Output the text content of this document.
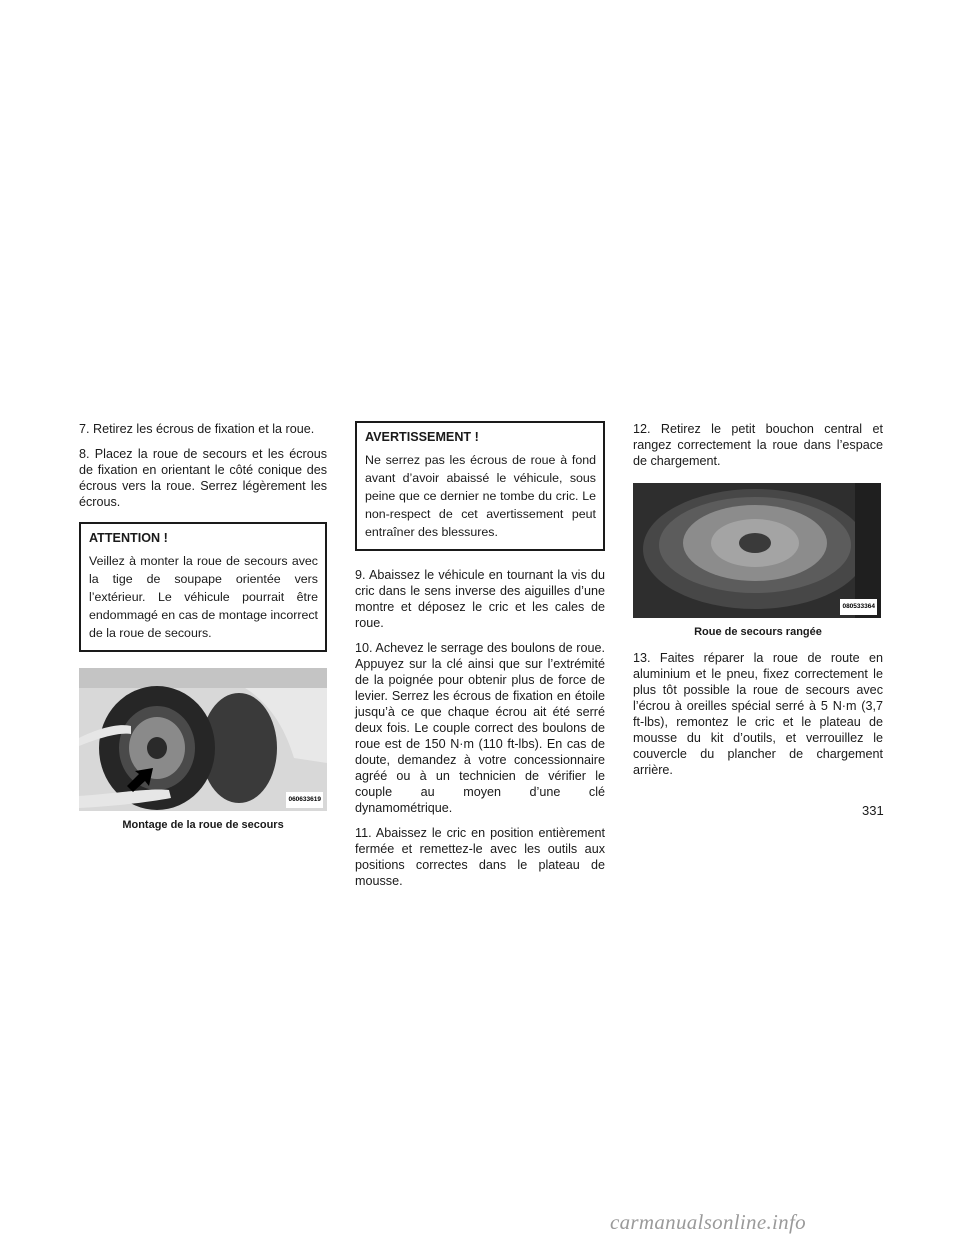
7. Retirez les écrous de fixation et la roue.

8. Placez la roue de secours et les écrous de fixation en orientant le côté conique des écrous vers la roue. Serrez légèrement les écrous.

ATTENTION !
Veillez à monter la roue de secours avec la tige de soupape orientée vers l’extérieur. Le véhicule pourrait être endommagé en cas de montage incorrect de la roue de secours.
060633619
Montage de la roue de secours
AVERTISSEMENT !
Ne serrez pas les écrous de roue à fond avant d’avoir abaissé le véhicule, sous peine que ce dernier ne tombe du cric. Le non-respect de cet avertissement peut entraîner des blessures.

9. Abaissez le véhicule en tournant la vis du cric dans le sens inverse des aiguilles d’une montre et déposez le cric et les cales de roue.

10. Achevez le serrage des boulons de roue. Appuyez sur la clé ainsi que sur l’extrémité de la poignée pour obtenir plus de force de levier. Serrez les écrous de fixation en étoile jusqu’à ce que chaque écrou ait été serré deux fois. Le couple correct des boulons de roue est de 150 N·m (110 ft-lbs). En cas de doute, demandez à votre concessionnaire agréé ou à un technicien de vérifier le couple au moyen d’une clé dynamométrique.

11. Abaissez le cric en position entièrement fermée et remettez-le avec les outils aux positions correctes dans le plateau de mousse.

12. Retirez le petit bouchon central et rangez correctement la roue dans l’espace de chargement.

080533364
Roue de secours rangée

13. Faites réparer la roue de route en aluminium et le pneu, fixez correctement le plus tôt possible la roue de secours avec l’écrou à oreilles spécial serré à 5 N·m (3,7 ft-lbs), remontez le cric et le plateau de mousse du kit d’outils, et verrouillez le couvercle du plancher de chargement arrière.

331
carmanualsonline.info
